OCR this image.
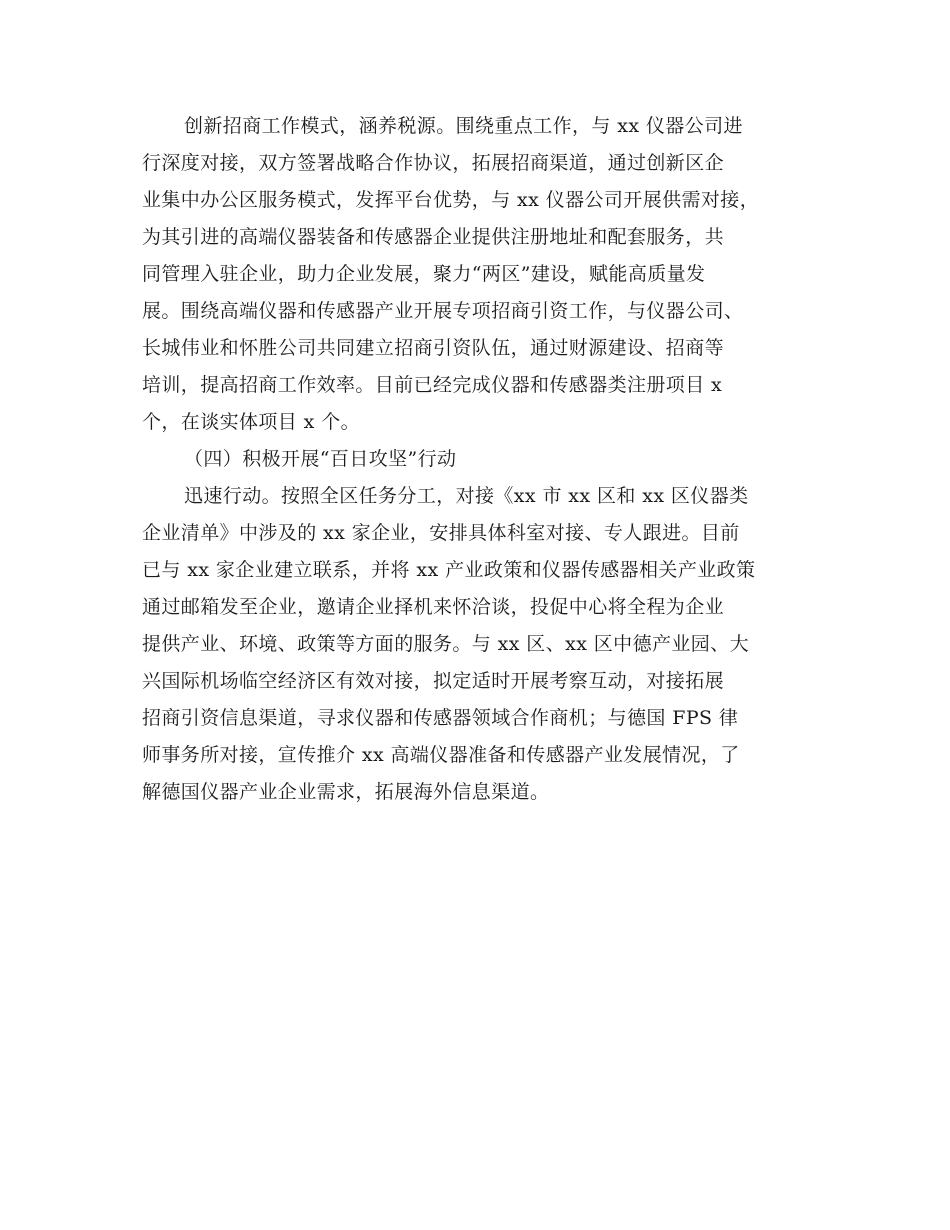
创新招商工作模式，涵养税源。围绕重点工作，与 xx 仪器公司进
行深度对接，双方签署战略合作协议，拓展招商渠道，通过创新区企
业集中办公区服务模式，发挥平台优势，与 xx 仪器公司开展供需对接，
为其引进的高端仪器装备和传感器企业提供注册地址和配套服务，共
同管理入驻企业，助力企业发展，聚力“两区”建设，赋能高质量发
展。围绕高端仪器和传感器产业开展专项招商引资工作，与仪器公司、
长城伟业和怀胜公司共同建立招商引资队伍，通过财源建设、招商等
培训，提高招商工作效率。目前已经完成仪器和传感器类注册项目 x
个，在谈实体项目 x 个。
（四）积极开展“百日攻坚”行动
迅速行动。按照全区任务分工，对接《xx 市 xx 区和 xx 区仪器类
企业清单》中涉及的 xx 家企业，安排具体科室对接、专人跟进。目前
已与 xx 家企业建立联系，并将 xx 产业政策和仪器传感器相关产业政策
通过邮箱发至企业，邀请企业择机来怀洽谈，投促中心将全程为企业
提供产业、环境、政策等方面的服务。与 xx 区、xx 区中德产业园、大
兴国际机场临空经济区有效对接，拟定适时开展考察互动，对接拓展
招商引资信息渠道，寻求仪器和传感器领域合作商机；与德国 FPS 律
师事务所对接，宣传推介 xx 高端仪器准备和传感器产业发展情况，了
解德国仪器产业企业需求，拓展海外信息渠道。
